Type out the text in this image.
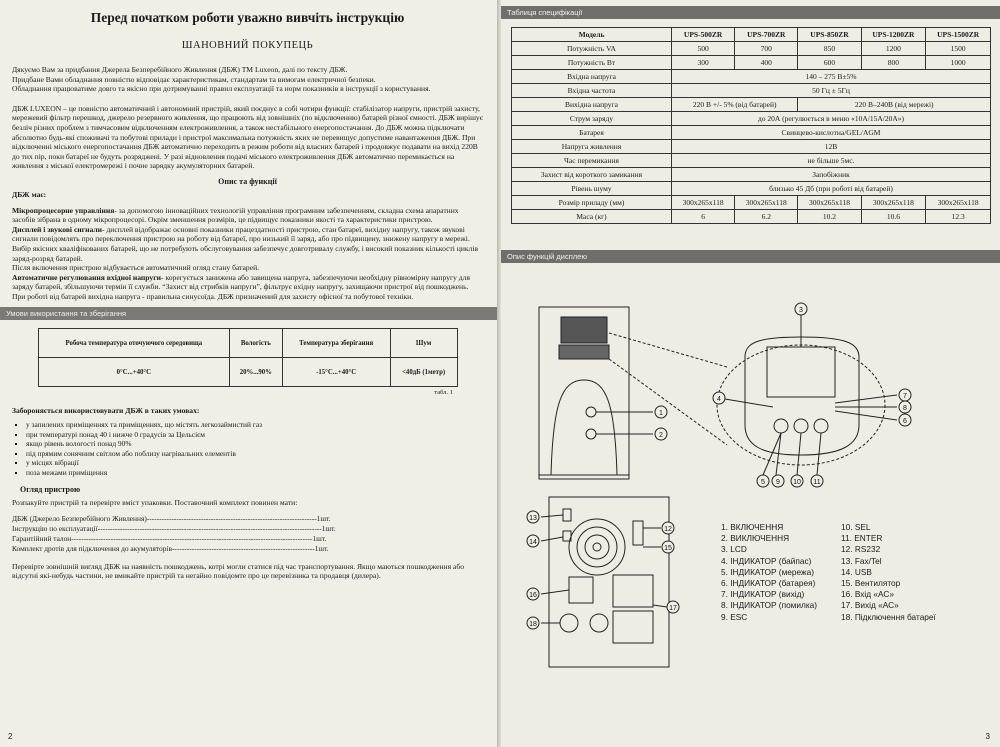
Перед початком роботи уважно вивчіть інструкцію
ШАНОВНИЙ ПОКУПЕЦЬ

Дякуємо Вам за придбання Джерела Безперебійного Живлення (ДБЖ) ТМ Luxeon, далі по тексту ДБЖ.

Придбане Вами обладнання повністю відповідає характеристикам, стандартам та вимогам електричної безпеки.

Обладнання працюватиме довго та якісно при дотримуванні правил експлуатації та норм показників в інструкції з користування.

ДБЖ LUXEON – це повністю автоматичний і автономний пристрій, який поєднує в собі чотири функції: стабілізатор напруги, пристрій захисту, мережевий фільтр перешкод, джерело резервного живлення, що працюють від зовнішніх (по відключенню) батарей різної ємності. ДБЖ вирішує безліч різних проблем з тимчасовим відключенням електроживлення, а також нестабільного енергопостачання. До ДБЖ можна підключати абсолютно будь-які споживачі та побутові прилади і пристрої максимальна потужність яких не перевищує допустиме навантаження ДБЖ. При відключенні міського енергопостачання ДБЖ автоматично переходить в режим роботи від власних батарей і продовжує подавати на вихід 220В до тих пір, поки батареї не будуть розряджені. У разі відновлення подачі міського електроживлення ДБЖ автоматично перемикається на живлення з міської електромережі і почне зарядку акумуляторних батарей.

Опис та функції

ДБЖ має:

Мікропроцесорне управління- за допомогою інноваційних технологій управління програмним забезпеченням, складна схема апаратних засобів зібрана в одному мікропроцесорі. Окрім зменшення розмірів, це підвищує показники якості та характеристики пристрою.

Дисплей і звукові сигнали- дисплей відображає основні показники працездатності пристрою, стан батареї, вихідну напругу, також звукові сигнали повідомлять про переключення пристрою на роботу від батареї, про низький її заряд, або про підвищену, знижену напругу в мережі. Вибір якісних кваліфікованих батарей, що не потребують обслуговування забезпечує довготривалу службу, і високий показник кількості циклів заряд-розряд батарей.

Після включення пристрою відбувається автоматичний огляд стану батарей.

Автоматичне регулювання вхідної напруги- корегується занижена або завищена напруга, забезпечуючи необхідну рівномірну напругу для заряду батарей, збільшуючи термін її служби. “Захист від стрибків напруги”, фільтрує вхідну напругу, захищаючи пристрої від пошкоджень. При роботі від батарей вихідна напруга - правильна синусоїда. ДБЖ призначений для захисту офісної та побутової техніки.

Умови використання та зберігання
Робоча температура оточуючого середовища	Вологість	Температура зберігання	Шум
0°С...+40°С	20%...90%	-15°С...+40°С	<40дБ (1метр)
табл. 1

Забороняється використовувати ДБЖ в таких умовах:

▪ у запилених приміщеннях та приміщеннях, що містять легкозаймистий газ
▪ при температурі понад 40 і нижче 0 градусів за Цельсієм
▪ якщо рівень вологості понад 90%
▪ під прямим сонячним світлом або поблизу нагрівальних елементів
▪ у місцях вібрації
▪ поза межами приміщення
Огляд пристрою

Розпакуйте пристрій та перевірте вміст упаковки. Поставочний комплект повинен мати:

ДБЖ (Джерело Безперебійного Живлення)---------------------------------------------------------------------1шт.
Інструкцію по експлуатації-------------------------------------------------------------------------------------------1шт.
Гарантійний талон--------------------------------------------------------------------------------------------------1шт.
Комплект дротів для підключення до акумуляторів----------------------------------------------------------1шт.

Перевірте зовнішній вигляд ДБЖ на наявність пошкоджень, котрі могли статися під час транспортування. Якщо маються пошкодження або відсутні які-небудь частини, не вмикайте пристрій та негайно повідомте про це перевізника та продавця (дилера).

2
Таблиця специфікації
Модель	UPS-500ZR	UPS-700ZR	UPS-850ZR	UPS-1200ZR	UPS-1500ZR
Потужність VA	500	700	850	1200	1500
Потужність Вт	300	400	600	800	1000
Вхідна напруга	140 – 275 В±5%				
Вхідна частота	50 Гц ± 5Гц				
Вихідна напруга	220 В +/- 5% (від батарей)		220 В–240В (від мережі)		
Струм заряду	до 20А (регулюється в меню «10А/15А/20А»)				
Батарея	Свинцево-кислотна/GEL/AGM				
Напруга живлення	12В				
Час перемикання	не більше 5мс.				
Захист від короткого замикання	Запобіжник				
Рівень шуму	близько 45 Дб (при роботі від батарей)				
Розмір приладу (мм)	300х265х118	300х265х118	300х265х118	300х265х118	300х265х118
Маса (кг)	6	6.2	10.2	10.6	12.3
Опис функцій дисплею
1
2
3
4
5
6
7
8
9 10 11
12
13
14
15
16
17
18
1. ВКЛЮЧЕННЯ
2. ВИКЛЮЧЕННЯ
3. LCD
4. ІНДИКАТОР (байпас)
5. ІНДИКАТОР (мережа)
6. ІНДИКАТОР (батарея)
7. ІНДИКАТОР (вихід)
8. ІНДИКАТОР (помилка)
9. ESC
10. SEL
11. ENTER
12. RS232
13. Fax/Tel
14. USB
15. Вентилятор
16. Вхід «АС»
17. Вихід «АС»
18. Підключення батареї
3
